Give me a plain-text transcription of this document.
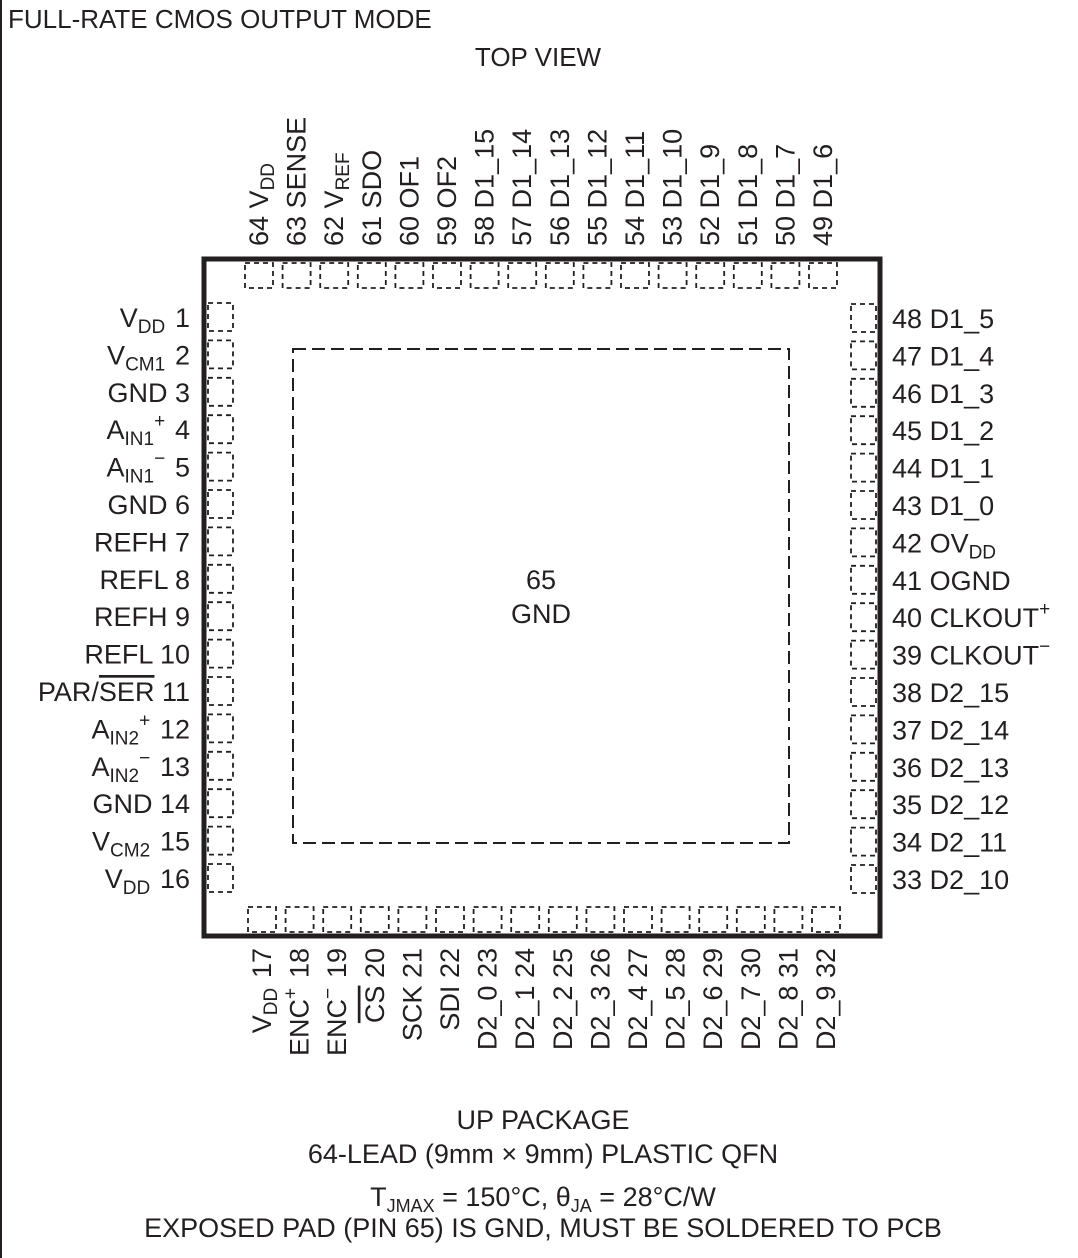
FULL-RATE CMOS OUTPUT MODE
TOP VIEW
65
GND
$V_{DD}$  1
$V_{CM1}$  2
GND 3
$A_{IN1}^+$  4
$A_{IN1}^-$  5
GND 6
REFH 7
REFL 8
REFH 9
REFL 10
PAR/SER 11
$A_{IN2}^+$  12
$A_{IN2}^-$  13
GND 14
$V_{CM2}$  15
$V_{DD}$  16	33 D2_10
34 D2_11
35 D2_12
36 D2_13
37 D2_14
38 D2_15
39 CLKOUT− 
40 CLKOUT+ 
41 OGND
42 $OV_{DD}$ 
43 D1_0
44 D1_1
45 D1_2
46 D1_3
47 D1_4
48 D1_5
$V_{DD}$  17
ENC+  18
ENC−  19
CS 20
SCK 21
SDI 22
D2_0 23
D2_1 24
D2_2 25
D2_3 26
D2_4 27
D2_5 28
D2_6 29
D2_7 30
D2_8 31
D2_9 32
49 D1_6
50 D1_7
51 D1_8
52 D1_9
53 D1_10
54 D1_11
55 D1_12
56 D1_13
57 D1_14
58 D1_15
59 OF2
60 OF1
61 SDO
62 $V_{REF}$ 
63 SENSE
64 $V_{DD}$ 
UP PACKAGE
64-LEAD (9mm × 9mm) PLASTIC QFN
$T_{JMAX} = 150^\circ C$, $\theta_{JA} = 28^\circ C/W$
EXPOSED PAD (PIN 65) IS GND, MUST BE SOLDERED TO PCB
